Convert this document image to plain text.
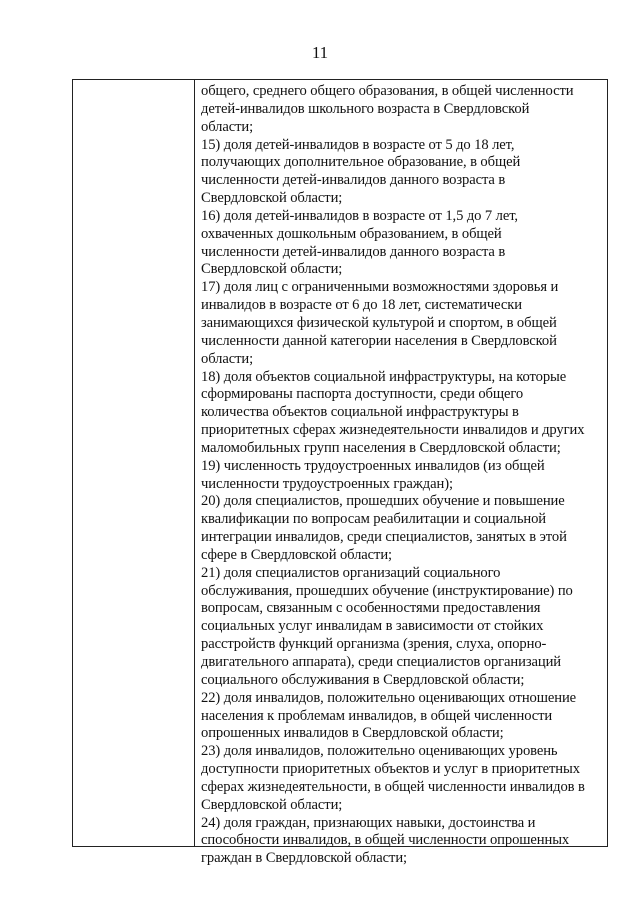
11
общего, среднего общего образования, в общей численности
детей-инвалидов школьного возраста в Свердловской
области;
15) доля детей-инвалидов в возрасте от 5 до 18 лет,
получающих дополнительное образование, в общей
численности детей-инвалидов данного возраста в
Свердловской области;
16) доля детей-инвалидов в возрасте от 1,5 до 7 лет,
охваченных дошкольным образованием, в общей
численности детей-инвалидов данного возраста в
Свердловской области;
17) доля лиц с ограниченными возможностями здоровья и
инвалидов в возрасте от 6 до 18 лет, систематически
занимающихся физической культурой и спортом, в общей
численности данной категории населения в Свердловской
области;
18) доля объектов социальной инфраструктуры, на которые
сформированы паспорта доступности, среди общего
количества объектов социальной инфраструктуры в
приоритетных сферах жизнедеятельности инвалидов и других
маломобильных групп населения в Свердловской области;
19) численность трудоустроенных инвалидов (из общей
численности трудоустроенных граждан);
20) доля специалистов, прошедших обучение и повышение
квалификации по вопросам реабилитации и социальной
интеграции инвалидов, среди специалистов, занятых в этой
сфере в Свердловской области;
21) доля специалистов организаций социального
обслуживания, прошедших обучение (инструктирование) по
вопросам, связанным с особенностями предоставления
социальных услуг инвалидам в зависимости от стойких
расстройств функций организма (зрения, слуха, опорно-
двигательного аппарата), среди специалистов организаций
социального обслуживания в Свердловской области;
22) доля инвалидов, положительно оценивающих отношение
населения к проблемам инвалидов, в общей численности
опрошенных инвалидов в Свердловской области;
23) доля инвалидов, положительно оценивающих уровень
доступности приоритетных объектов и услуг в приоритетных
сферах жизнедеятельности, в общей численности инвалидов в
Свердловской области;
24) доля граждан, признающих навыки, достоинства и
способности инвалидов, в общей численности опрошенных
граждан в Свердловской области;
